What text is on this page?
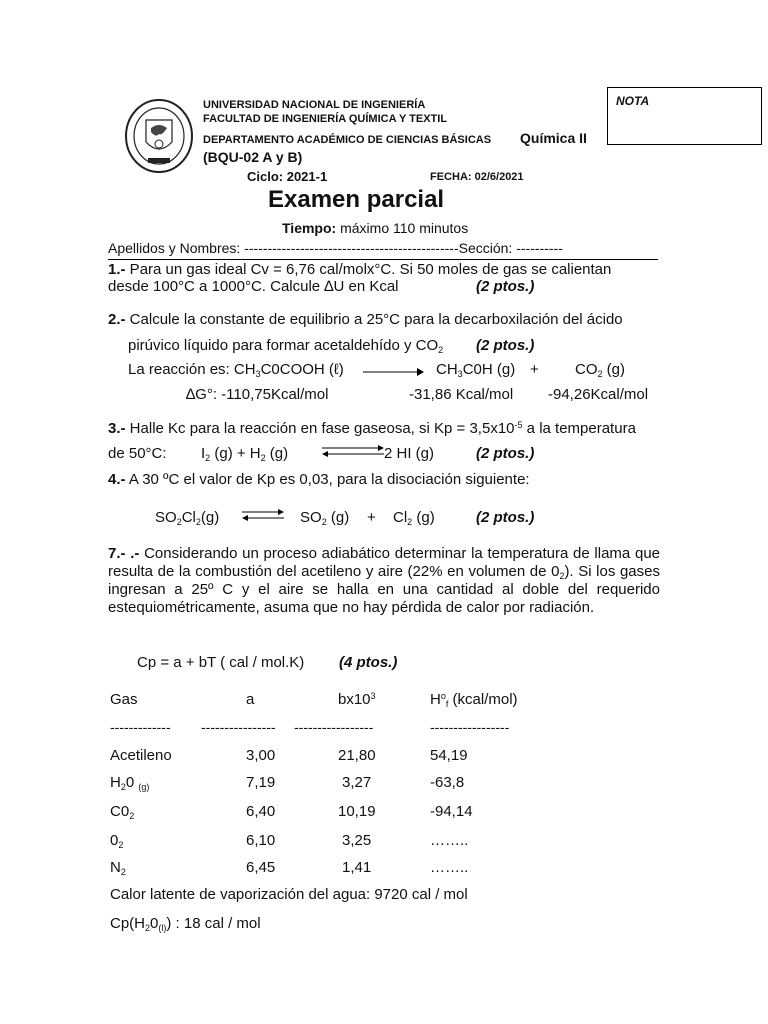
UNIVERSIDAD NACIONAL DE INGENIERÍA
FACULTAD DE INGENIERÍA QUÍMICA Y TEXTIL
DEPARTAMENTO ACADÉMICO DE CIENCIAS BÁSICAS Química II
(BQU-02 A y B)
Ciclo: 2021-1	FECHA: 02/6/2021
NOTA
Examen parcial
Tiempo: máximo 110 minutos
Apellidos y Nombres: ----------------------------------------------Sección: ----------
1.- Para un gas ideal Cv = 6,76 cal/molx°C. Si 50 moles de gas se calientan
desde 100°C a 1000°C. Calcule ∆U en Kcal	(2 ptos.)
2.- Calcule la constante de equilibrio a 25°C para la decarboxilación del ácido
pirúvico líquido para formar acetaldehído y $CO_2$ (2 ptos.)
La reacción es: $CH_3C0COOH$ (ℓ) → $CH_3C0H$ $(g) + CO_2$ (g)
∆G°: -110,75Kcal/mol	-31,86 Kcal/mol -94,26Kcal/mol
3.- Halle Kc para la reacción en fase gaseosa, si $Kp = 3,5x10^{-5}$ a la temperatura
de 50°C: $I_2$ $(g) + H_2$ (g)	2 HI (g)	(2 ptos.)
4.- A 30 ºC el valor de Kp es 0,03, para la disociación siguiente:
$SO_2Cl_2(g)$ ⇌ $SO_2$ $(g) + Cl_2$ (g)	(2 ptos.)
7.- .- Considerando un proceso adiabático determinar la temperatura de llama que resulta de la combustión del acetileno y aire (22% en volumen de $0_2$). Si los gases ingresan a 25º C y el aire se halla en una cantidad al doble del requerido estequiométricamente, asuma que no hay pérdida de calor por radiación.
Cp = a + bT ( cal / mol.K) (4 ptos.)
Gas	a	$bx10^3$	$H^o_f$ (kcal/mol)
------------- ---------------- -----------------	-----------------
Acetileno	3,00	21,80	54,19
$H_20$ $_{(g)}$	7,19	3,27	-63,8
$C0_2$	6,40	10,19	-94,14
$0_2$	6,10	3,25	……..
$N_2$	6,45	1,41	……..
Calor latente de vaporización del agua: 9720 cal / mol
$Cp(H_20_{(l)})$ : 18 cal / mol
